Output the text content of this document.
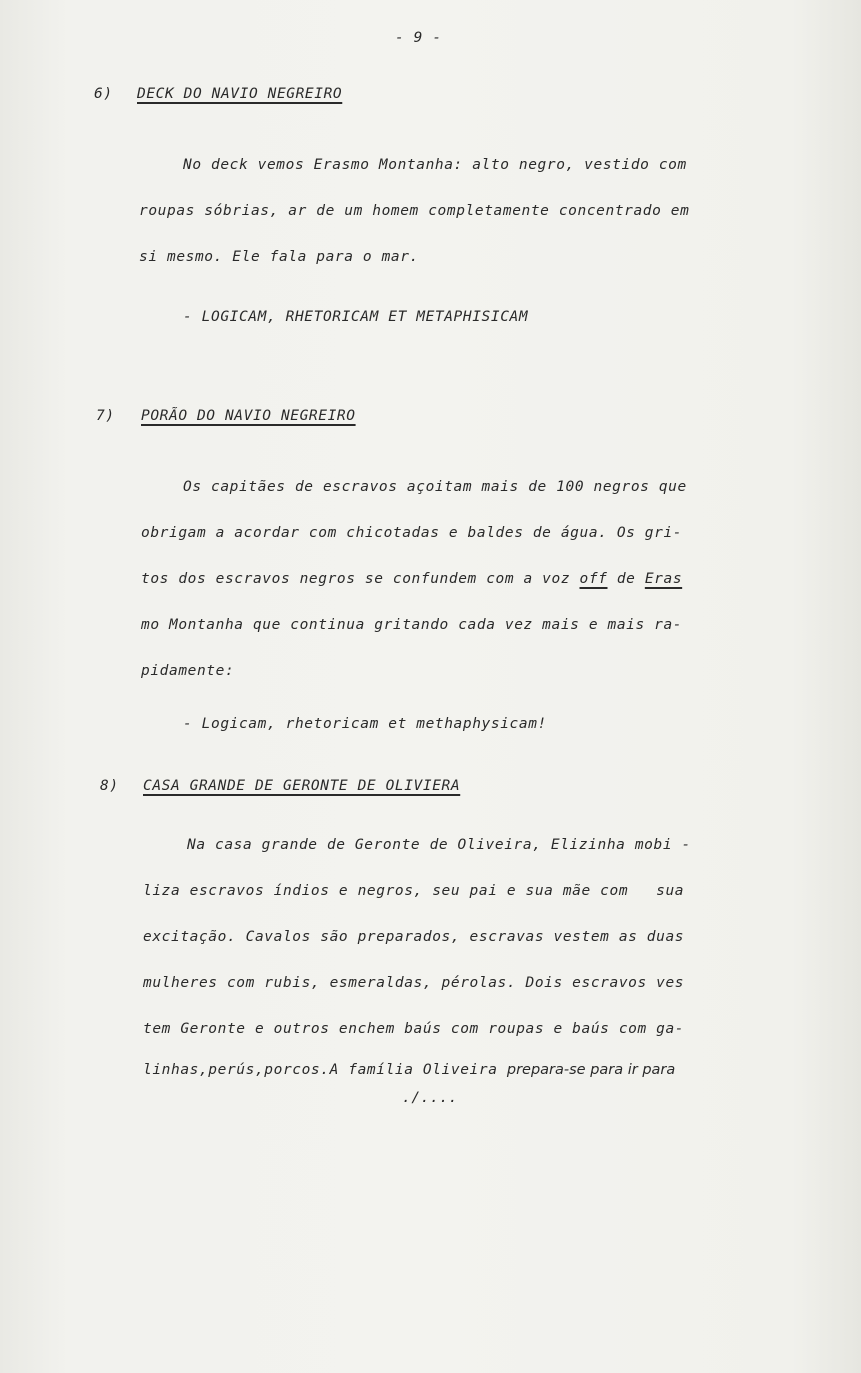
- 9 -
6) DECK DO NAVIO NEGREIRO
No deck vemos Erasmo Montanha: alto negro, vestido com
roupas sóbrias, ar de um homem completamente concentrado em
si mesmo. Ele fala para o mar.
- LOGICAM, RHETORICAM ET METAPHISICAM
7) PORÃO DO NAVIO NEGREIRO
Os capitães de escravos açoitam mais de 100 negros que
obrigam a acordar com chicotadas e baldes de água. Os gri-
tos dos escravos negros se confundem com a voz off de Eras
mo Montanha que continua gritando cada vez mais e mais ra-
pidamente:
- Logicam, rhetoricam et methaphysicam!
8) CASA GRANDE DE GERONTE DE OLIVIERA
Na casa grande de Geronte de Oliveira, Elizinha mobi -
liza escravos índios e negros, seu pai e sua mãe com   sua
excitação. Cavalos são preparados, escravas vestem as duas
mulheres com rubis, esmeraldas, pérolas. Dois escravos ves
tem Geronte e outros enchem baús com roupas e baús com ga-
linhas,perús,porcos.A família Oliveira prepara-se para ir para
./....
